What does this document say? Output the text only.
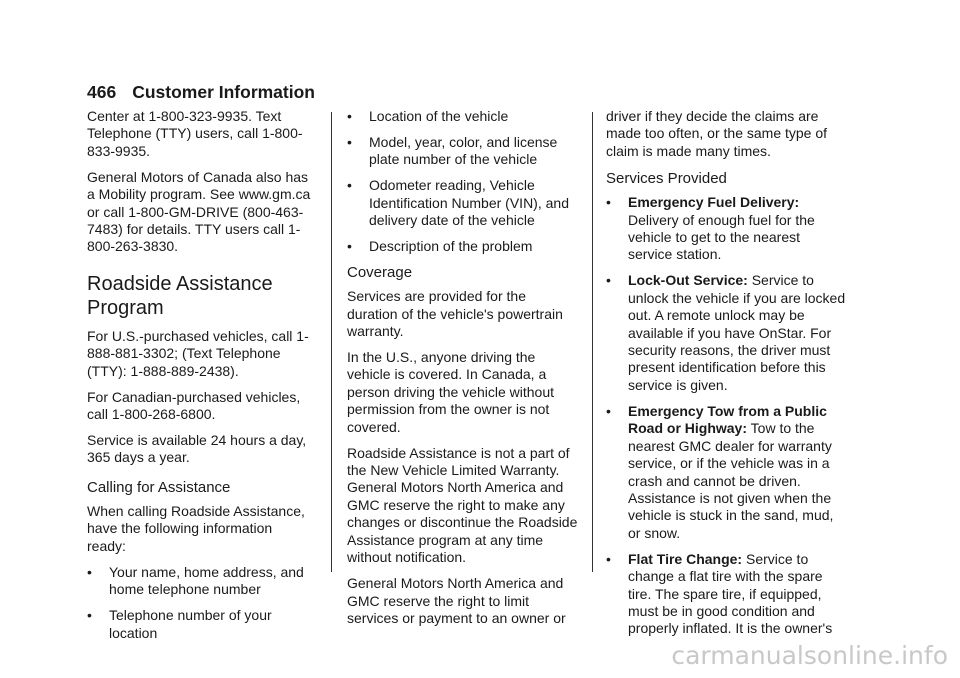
466 Customer Information

Center at 1-800-323-9935. Text Telephone (TTY) users, call 1-800-833-9935.

General Motors of Canada also has a Mobility program. See www.gm.ca or call 1-800-GM-DRIVE (800-463-7483) for details. TTY users call 1-800-263-3830.

Roadside Assistance Program

For U.S.-purchased vehicles, call 1-888-881-3302; (Text Telephone (TTY): 1-888-889-2438).

For Canadian-purchased vehicles, call 1-800-268-6800.

Service is available 24 hours a day, 365 days a year.

Calling for Assistance

When calling Roadside Assistance, have the following information ready:

• Your name, home address, and home telephone number
• Telephone number of your location
• Location of the vehicle
• Model, year, color, and license plate number of the vehicle
• Odometer reading, Vehicle Identification Number (VIN), and delivery date of the vehicle
• Description of the problem
Coverage

Services are provided for the duration of the vehicle's powertrain warranty.

In the U.S., anyone driving the vehicle is covered. In Canada, a person driving the vehicle without permission from the owner is not covered.

Roadside Assistance is not a part of the New Vehicle Limited Warranty. General Motors North America and GMC reserve the right to make any changes or discontinue the Roadside Assistance program at any time without notification.

General Motors North America and GMC reserve the right to limit services or payment to an owner or

driver if they decide the claims are made too often, or the same type of claim is made many times.

Services Provided
• Emergency Fuel Delivery: Delivery of enough fuel for the vehicle to get to the nearest service station.
• Lock-Out Service: Service to unlock the vehicle if you are locked out. A remote unlock may be available if you have OnStar. For security reasons, the driver must present identification before this service is given.
• Emergency Tow from a Public Road or Highway: Tow to the nearest GMC dealer for warranty service, or if the vehicle was in a crash and cannot be driven. Assistance is not given when the vehicle is stuck in the sand, mud, or snow.
• Flat Tire Change: Service to change a flat tire with the spare tire. The spare tire, if equipped, must be in good condition and properly inflated. It is the owner's
carmanualsonline.info
